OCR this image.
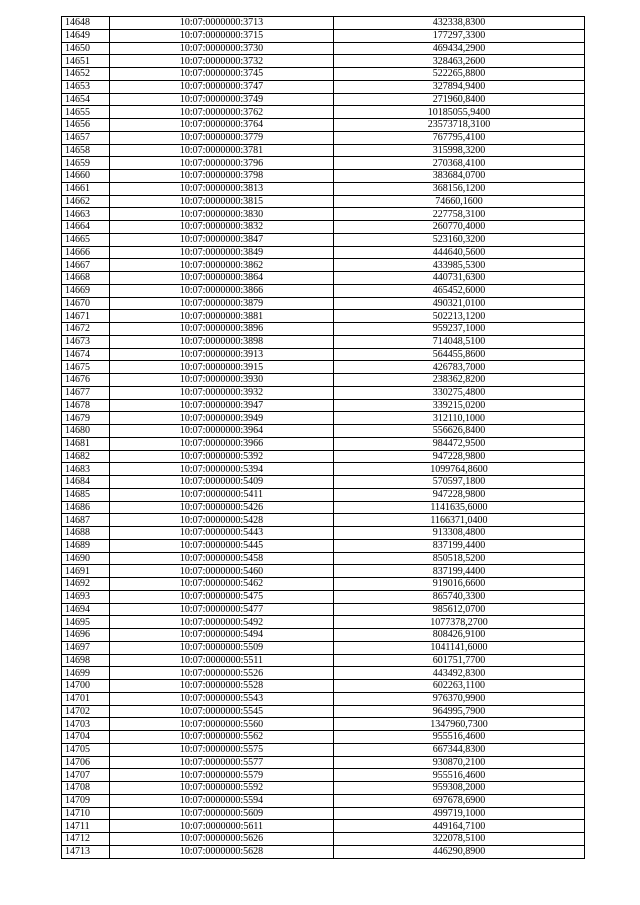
14648	10:07:0000000:3713	432338,8300
14649	10:07:0000000:3715	177297,3300
14650	10:07:0000000:3730	469434,2900
14651	10:07:0000000:3732	328463,2600
14652	10:07:0000000:3745	522265,8800
14653	10:07:0000000:3747	327894,9400
14654	10:07:0000000:3749	271960,8400
14655	10:07:0000000:3762	10185055,9400
14656	10:07:0000000:3764	23573718,3100
14657	10:07:0000000:3779	767795,4100
14658	10:07:0000000:3781	315998,3200
14659	10:07:0000000:3796	270368,4100
14660	10:07:0000000:3798	383684,0700
14661	10:07:0000000:3813	368156,1200
14662	10:07:0000000:3815	74660,1600
14663	10:07:0000000:3830	227758,3100
14664	10:07:0000000:3832	260770,4000
14665	10:07:0000000:3847	523160,3200
14666	10:07:0000000:3849	444640,5600
14667	10:07:0000000:3862	433985,5300
14668	10:07:0000000:3864	440731,6300
14669	10:07:0000000:3866	465452,6000
14670	10:07:0000000:3879	490321,0100
14671	10:07:0000000:3881	502213,1200
14672	10:07:0000000:3896	959237,1000
14673	10:07:0000000:3898	714048,5100
14674	10:07:0000000:3913	564455,8600
14675	10:07:0000000:3915	426783,7000
14676	10:07:0000000:3930	238362,8200
14677	10:07:0000000:3932	330275,4800
14678	10:07:0000000:3947	339215,0200
14679	10:07:0000000:3949	312110,1000
14680	10:07:0000000:3964	556626,8400
14681	10:07:0000000:3966	984472,9500
14682	10:07:0000000:5392	947228,9800
14683	10:07:0000000:5394	1099764,8600
14684	10:07:0000000:5409	570597,1800
14685	10:07:0000000:5411	947228,9800
14686	10:07:0000000:5426	1141635,6000
14687	10:07:0000000:5428	1166371,0400
14688	10:07:0000000:5443	913308,4800
14689	10:07:0000000:5445	837199,4400
14690	10:07:0000000:5458	850518,5200
14691	10:07:0000000:5460	837199,4400
14692	10:07:0000000:5462	919016,6600
14693	10:07:0000000:5475	865740,3300
14694	10:07:0000000:5477	985612,0700
14695	10:07:0000000:5492	1077378,2700
14696	10:07:0000000:5494	808426,9100
14697	10:07:0000000:5509	1041141,6000
14698	10:07:0000000:5511	601751,7700
14699	10:07:0000000:5526	443492,8300
14700	10:07:0000000:5528	602263,1100
14701	10:07:0000000:5543	976370,9900
14702	10:07:0000000:5545	964995,7900
14703	10:07:0000000:5560	1347960,7300
14704	10:07:0000000:5562	955516,4600
14705	10:07:0000000:5575	667344,8300
14706	10:07:0000000:5577	930870,2100
14707	10:07:0000000:5579	955516,4600
14708	10:07:0000000:5592	959308,2000
14709	10:07:0000000:5594	697678,6900
14710	10:07:0000000:5609	499719,1000
14711	10:07:0000000:5611	449164,7100
14712	10:07:0000000:5626	322078,5100
14713	10:07:0000000:5628	446290,8900
